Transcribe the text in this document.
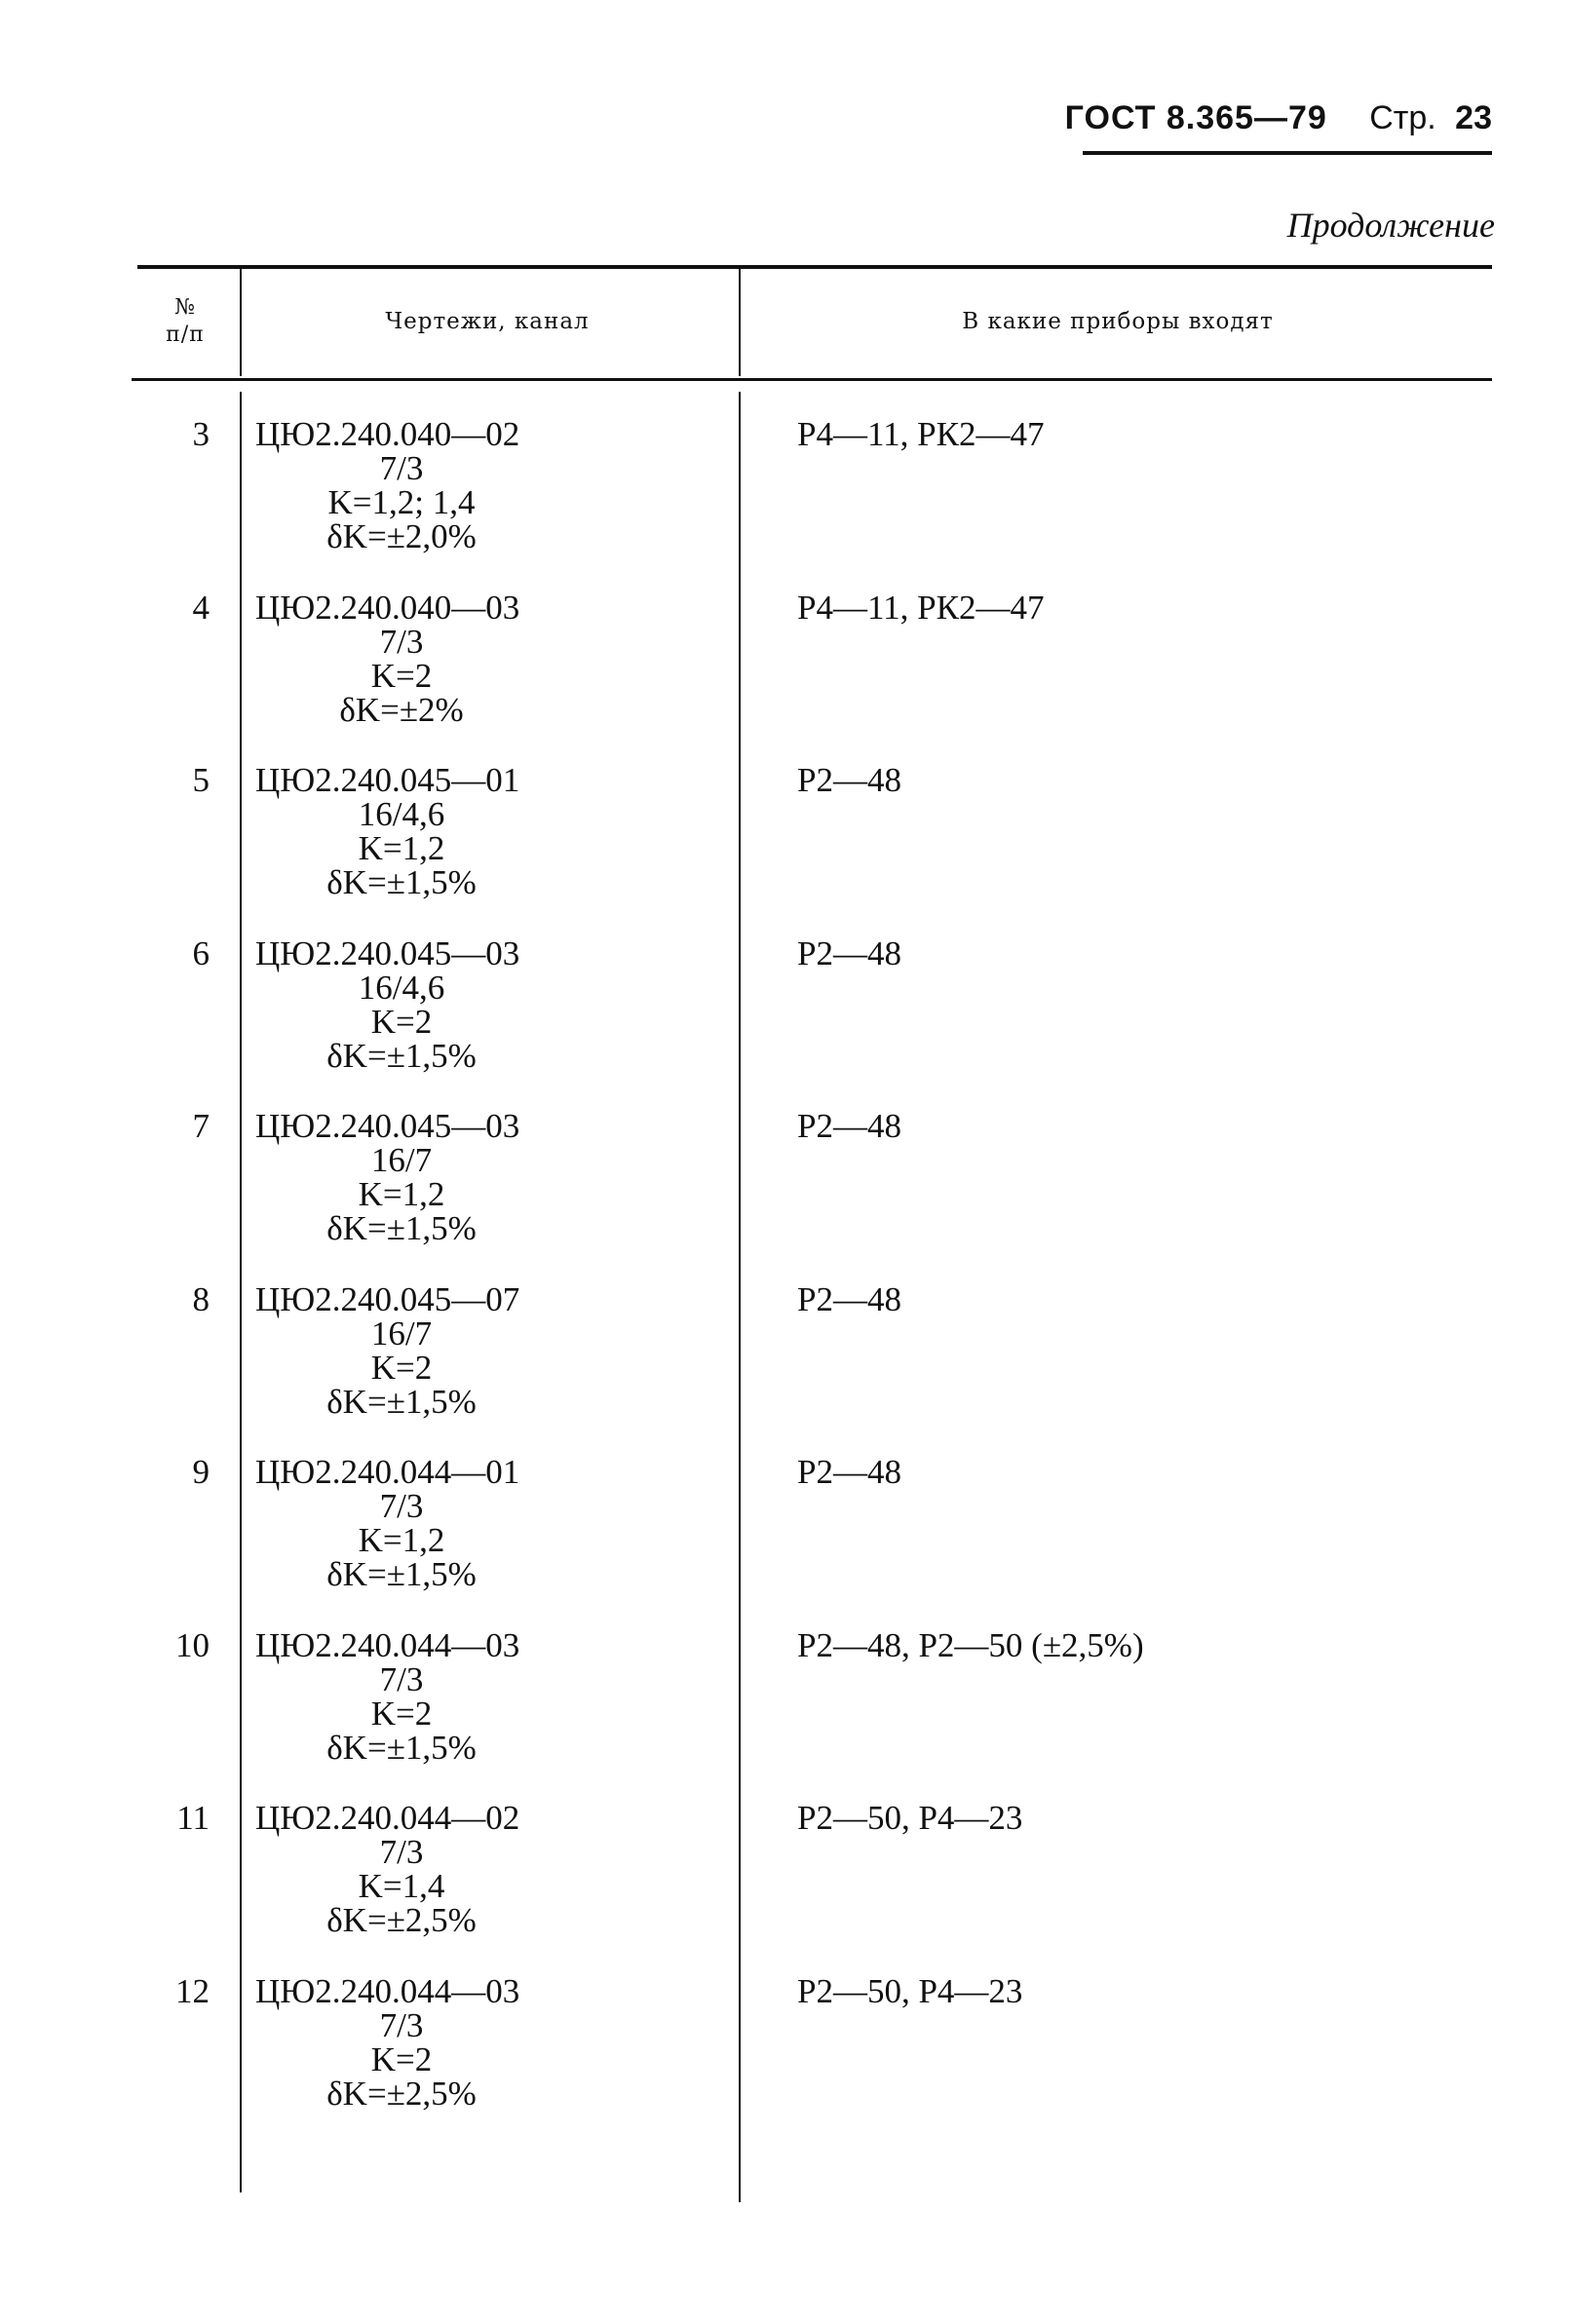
ГОСТ 8.365—79 Стр. 23
Продолжение
№
п/п
Чертежи, канал	В какие приборы входят
3 ЦЮ2.240.040—02
7/3
K=1,2; 1,4
δK=±2,0%
Р4—11, РК2—47
4 ЦЮ2.240.040—03
7/3
K=2
δK=±2%
Р4—11, РК2—47
5 ЦЮ2.240.045—01
16/4,6
K=1,2
δK=±1,5%
Р2—48
6 ЦЮ2.240.045—03
16/4,6
K=2
δK=±1,5%
Р2—48
7 ЦЮ2.240.045—03
16/7
K=1,2
δK=±1,5%
Р2—48
8 ЦЮ2.240.045—07
16/7
K=2
δK=±1,5%
Р2—48
9 ЦЮ2.240.044—01
7/3
K=1,2
δK=±1,5%
Р2—48
10 ЦЮ2.240.044—03
7/3
K=2
δK=±1,5%
Р2—48, Р2—50 (±2,5%)
11 ЦЮ2.240.044—02
7/3
K=1,4
δK=±2,5%
Р2—50, Р4—23
12 ЦЮ2.240.044—03
7/3
K=2
δK=±2,5%
Р2—50, Р4—23
